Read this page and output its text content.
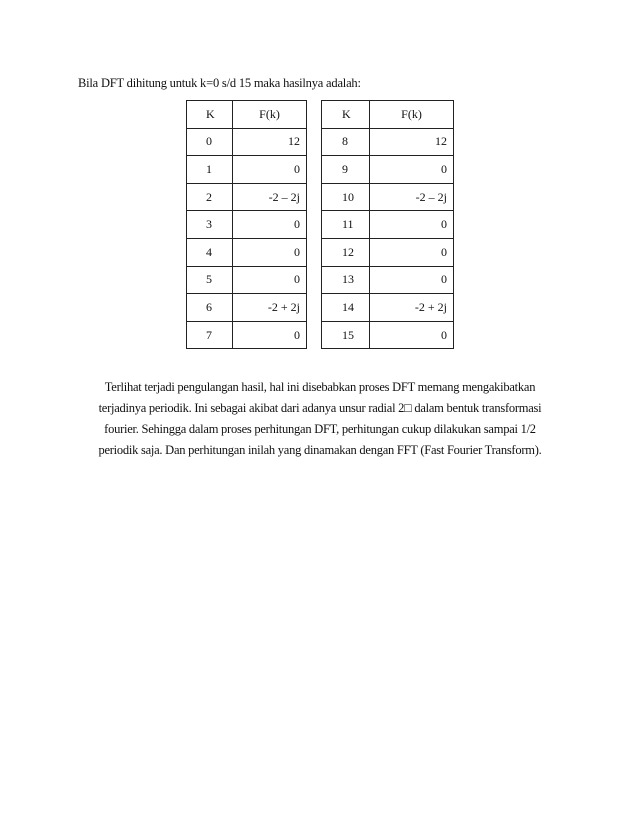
Bila DFT dihitung untuk k=0 s/d 15 maka hasilnya adalah:
K	F(k)		K	F(k)
0	12		8	12
1	0		9	0
2	-2 – 2j		10	-2 – 2j
3	0		11	0
4	0		12	0
5	0		13	0
6	-2 + 2j		14	-2 + 2j
7	0		15	0
Terlihat terjadi pengulangan hasil, hal ini disebabkan proses DFT memang mengakibatkan
terjadinya periodik. Ini sebagai akibat dari adanya unsur radial 2□ dalam bentuk transformasi
fourier. Sehingga dalam proses perhitungan DFT, perhitungan cukup dilakukan sampai 1/2
periodik saja. Dan perhitungan inilah yang dinamakan dengan FFT (Fast Fourier Transform).
